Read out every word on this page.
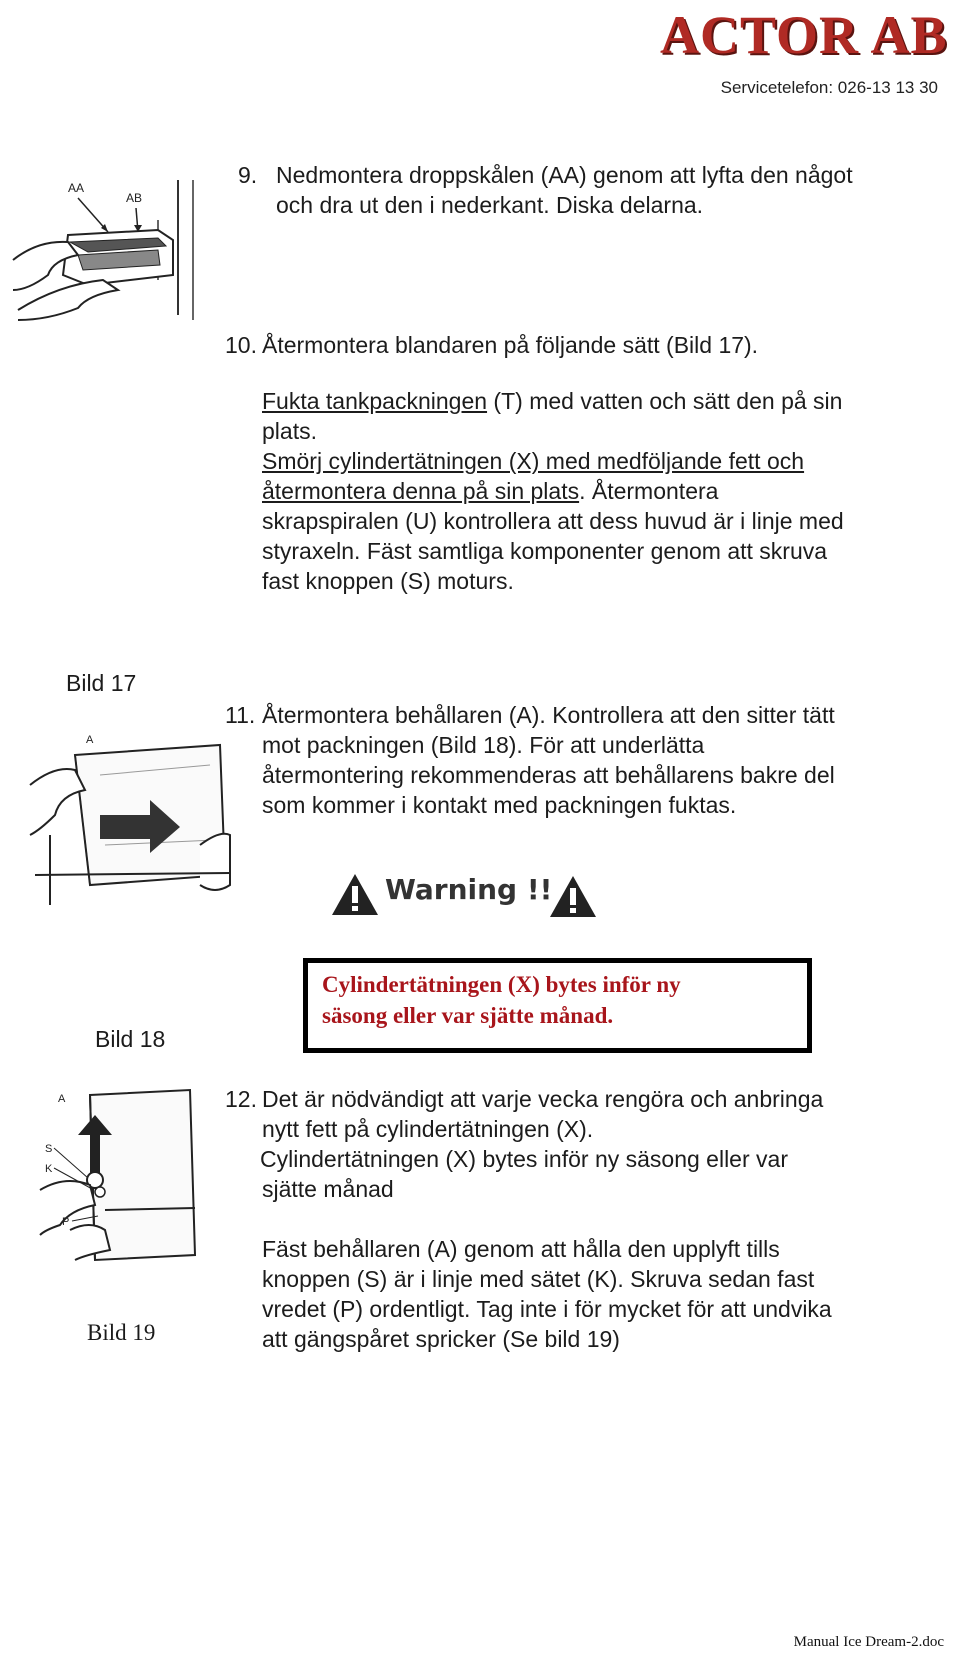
ACTOR AB
Servicetelefon: 026-13 13 30
AA
AB
9. Nedmontera droppskålen (AA) genom att lyfta den något
och dra ut den i nederkant. Diska delarna.
10. Återmontera blandaren på följande sätt (Bild 17).
Fukta tankpackningen (T) med vatten och sätt den på sin
plats.
Smörj cylindertätningen (X) med medföljande fett och
återmontera denna på sin plats. Återmontera
skrapspiralen (U) kontrollera att dess huvud är i linje med
styraxeln. Fäst samtliga komponenter genom att skruva
fast knoppen (S) moturs.
Bild 17
A
11. Återmontera behållaren (A). Kontrollera att den sitter tätt
mot packningen (Bild 18). För att underlätta
återmontering rekommenderas att behållarens bakre del
som kommer i kontakt med packningen fuktas.
Warning !!
Cylindertätningen (X) bytes inför ny
säsong eller var sjätte månad.
Bild 18
A
S
K
P
Bild 19
12. Det är nödvändigt att varje vecka rengöra och anbringa
nytt fett på cylindertätningen (X).
Cylindertätningen (X) bytes inför ny säsong eller var
sjätte månad
Fäst behållaren (A) genom att hålla den upplyft tills
knoppen (S) är i linje med sätet (K). Skruva sedan fast
vredet (P) ordentligt. Tag inte i för mycket för att undvika
att gängspåret spricker (Se bild 19)
Manual Ice Dream-2.doc
